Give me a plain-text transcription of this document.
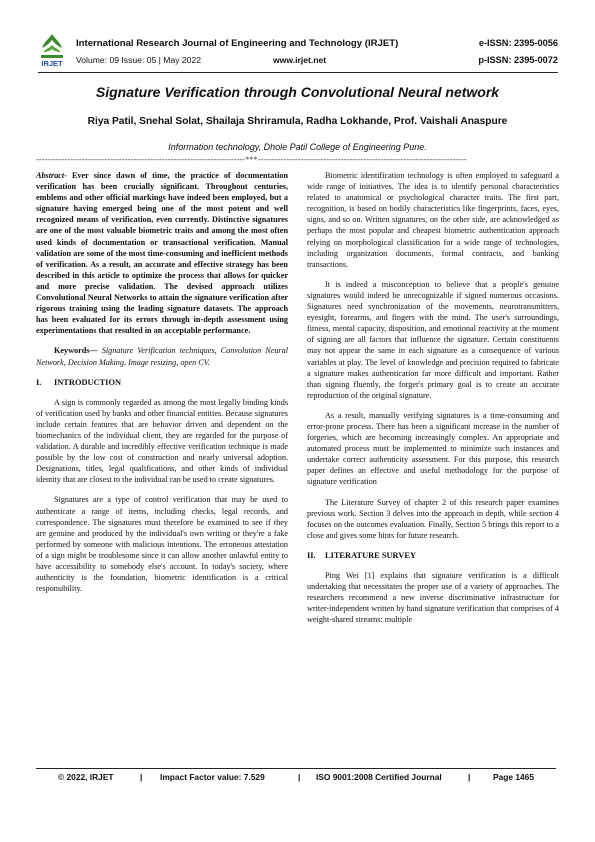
IRJET
International Research Journal of Engineering and Technology (IRJET)	e-ISSN: 2395-0056
Volume: 09 Issue: 05 | May 2022	www.irjet.net	p-ISSN: 2395-0072
Signature Verification through Convolutional Neural network
Riya Patil, Snehal Solat, Shailaja Shriramula, Radha Lokhande, Prof. Vaishali Anaspure
Information technology, Dhole Patil College of Engineering Pune.
-------------------------------------------------------------------------***-------------------------------------------------------------------------

Abstract- Ever since dawn of time, the practice of documentation verification has been crucially significant. Throughout centuries, emblems and other official markings have indeed been employed, but a signature having emerged being one of the most potent and well recognized means of verification, even currently. Distinctive signatures are one of the most valuable biometric traits and among the most often used kinds of documentation or transactional verification. Manual validation are some of the most time-consuming and inefficient methods of verification. As a result, an accurate and effective strategy has been described in this article to optimize the process that allows for quicker and more precise validation. The devised approach utilizes Convolutional Neural Networks to attain the signature verification after rigorous training using the leading signature datasets. The approach has been evaluated for its errors through in-depth assessment using experimentations that resulted in an acceptable performance.

Keywords— Signature Verification techniques, Convolution Neural Network, Decision Making, Image resizing, open CV.

I. INTRODUCTION

A sign is commonly regarded as among the most legally binding kinds of verification used by banks and other financial entities. Because signatures include certain features that are behavior driven and dependent on the biomechanics of the individual client, they are regarded for the purpose of validation. A durable and incredibly effective verification technique is made possible by the low cost of construction and nearly universal adoption. Designations, titles, legal qualifications, and other kinds of individual identity that are closest to the individual can be used to create signatures.

Signatures are a type of control verification that may be used to authenticate a range of items, including checks, legal records, and correspondence. The signatures must therefore be examined to see if they are genuine and produced by the individual's own writing or they're a fake performed by someone with malicious intentions. The erroneous attestation of a sign might be troublesome since it can allow another unlawful entity to have accessibility to somebody else's account. In today's society, where authenticity is the foundation, biometric identification is a critical responsibility.

Biometric identification technology is often employed to safeguard a wide range of initiatives. The idea is to identify personal characteristics related to anatomical or psychological character traits. The first part, recognition, is based on bodily characteristics like fingerprints, faces, eyes, signs, and so on. Written signatures, on the other side, are acknowledged as perhaps the most popular and cheapest biometric authentication approach relying on morphological classification for a wide range of technologies, including organization documents, formal contracts, and banking transactions.

It is indeed a misconception to believe that a people's genuine signatures would indeed be unrecognizable if signed numerous occasions. Signatures need synchronization of the movements, neurotransmitters, eyesight, forearms, and fingers with the mind. The user's surroundings, fitness, mental capacity, disposition, and emotional reactivity at the moment of signing are all factors that influence the signature. Certain constituents may not appear the same in each signature as a consequence of various variables at play. The level of knowledge and precision required to fabricate a signature makes authentication far more difficult and important. Rather than signing fluently, the forger's primary goal is to create an accurate reproduction of the original signature.

As a result, manually verifying signatures is a time-consuming and error-prone process. There has been a significant increase in the number of forgeries, which are becoming increasingly complex. An appropriate and automated process must be implemented to minimize such instances and undertake correct authenticity assessment. For this purpose, this research paper defines an effective and useful methodology for the purpose of signature verification

The Literature Survey of chapter 2 of this research paper examines previous work. Section 3 delves into the approach in depth, while section 4 focuses on the outcomes evaluation. Finally, Section 5 brings this report to a close and gives some hints for future research.

II. LITERATURE SURVEY

Ping Wei [1] explains that signature verification is a difficult undertaking that necessitates the proper use of a variety of approaches. The researchers recommend a new inverse discriminative infrastructure for writer-independent written by hand signature verification that comprises of 4 weight-shared streams: multiple

© 2022, IRJET	| Impact Factor value: 7.529	| ISO 9001:2008 Certified Journal	|	Page 1465
